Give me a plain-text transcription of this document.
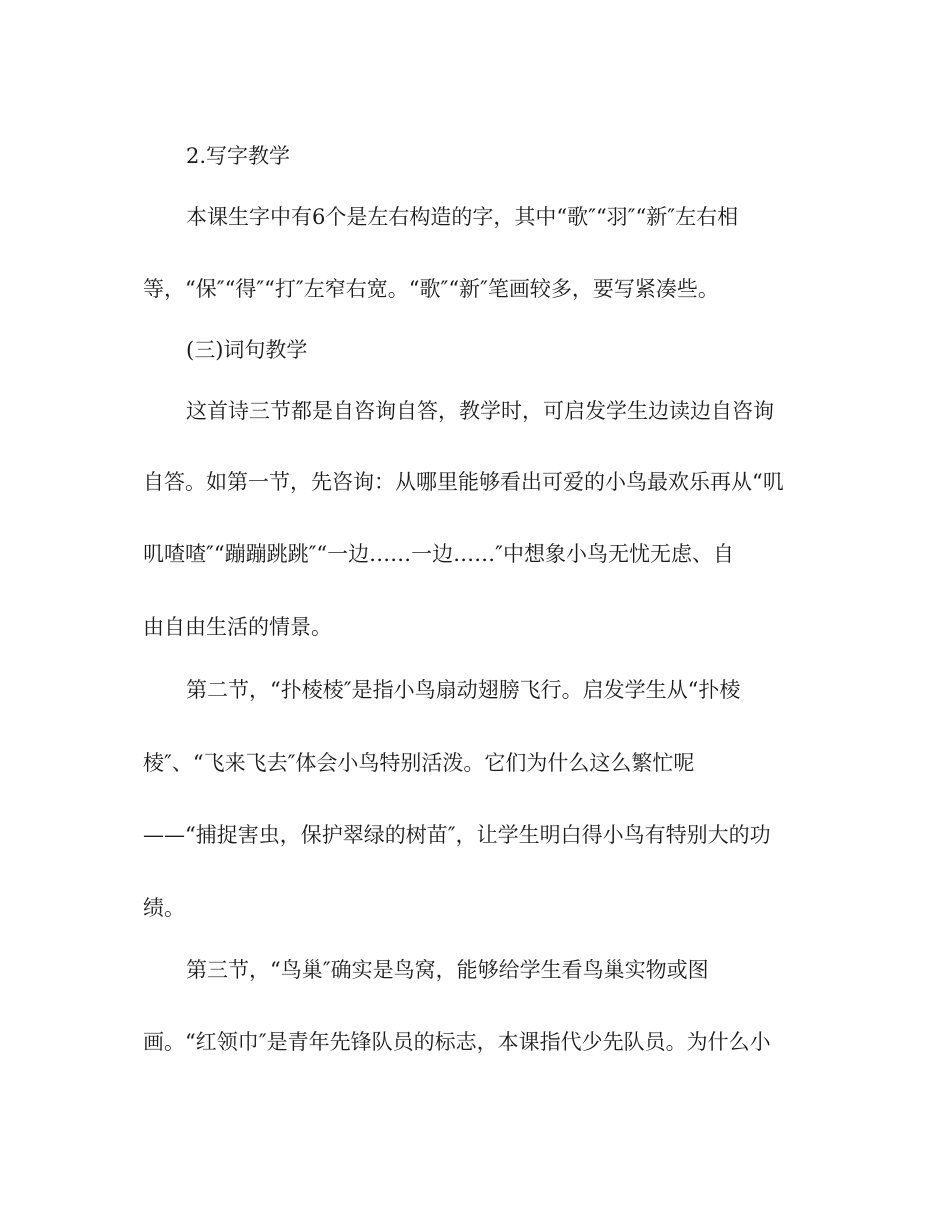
2.写字教学
本课生字中有6个是左右构造的字，其中“歌″“羽″“新″左右相
等，“保″“得″“打″左窄右宽。“歌″“新″笔画较多，要写紧凑些。
(三)词句教学
这首诗三节都是自咨询自答，教学时，可启发学生边读边自咨询
自答。如第一节，先咨询：从哪里能够看出可爱的小鸟最欢乐再从“叽
叽喳喳″“蹦蹦跳跳″“一边……一边……″中想象小鸟无忧无虑、自
由自由生活的情景。
第二节，“扑棱棱″是指小鸟扇动翅膀飞行。启发学生从“扑棱
棱″、“飞来飞去″体会小鸟特别活泼。它们为什么这么繁忙呢
——“捕捉害虫，保护翠绿的树苗″，让学生明白得小鸟有特别大的功
绩。
第三节，“鸟巢″确实是鸟窝，能够给学生看鸟巢实物或图
画。“红领巾″是青年先锋队员的标志，本课指代少先队员。为什么小
